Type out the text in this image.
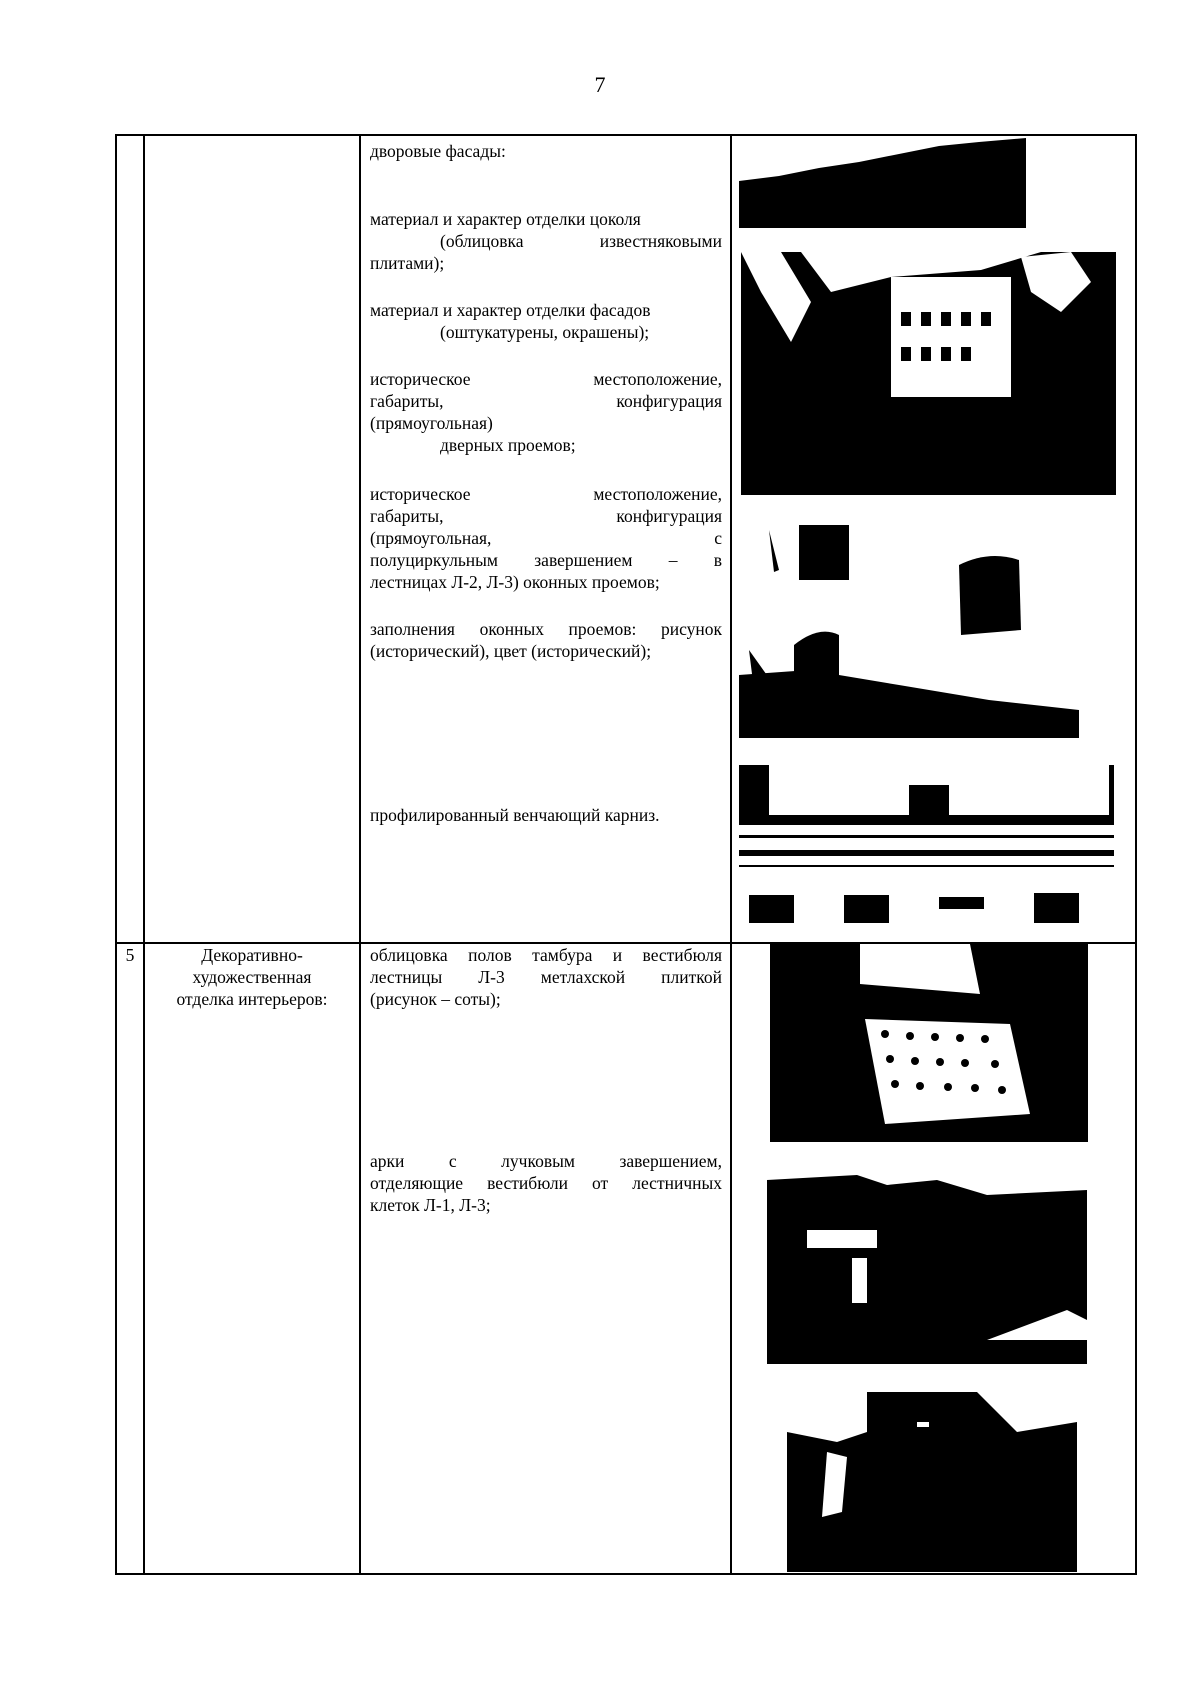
7
дворовые фасады:
материал и характер отделки цоколя
(облицовка известняковыми
плитами);
материал и характер отделки фасадов
(оштукатурены, окрашены);
историческое местоположение,
габариты, конфигурация
(прямоугольная)
дверных проемов;
историческое местоположение,
габариты, конфигурация
(прямоугольная, с
полуциркульным завершением – в
лестницах Л-2, Л-3) оконных проемов;
заполнения оконных проемов: рисунок
(исторический), цвет (исторический);
профилированный венчающий карниз.
5	Декоративно-
художественная
отделка интерьеров:
облицовка полов тамбура и вестибюля
лестницы Л-3 метлахской плиткой
(рисунок – соты);
арки с лучковым завершением,
отделяющие вестибюли от лестничных
клеток Л-1, Л-3;
